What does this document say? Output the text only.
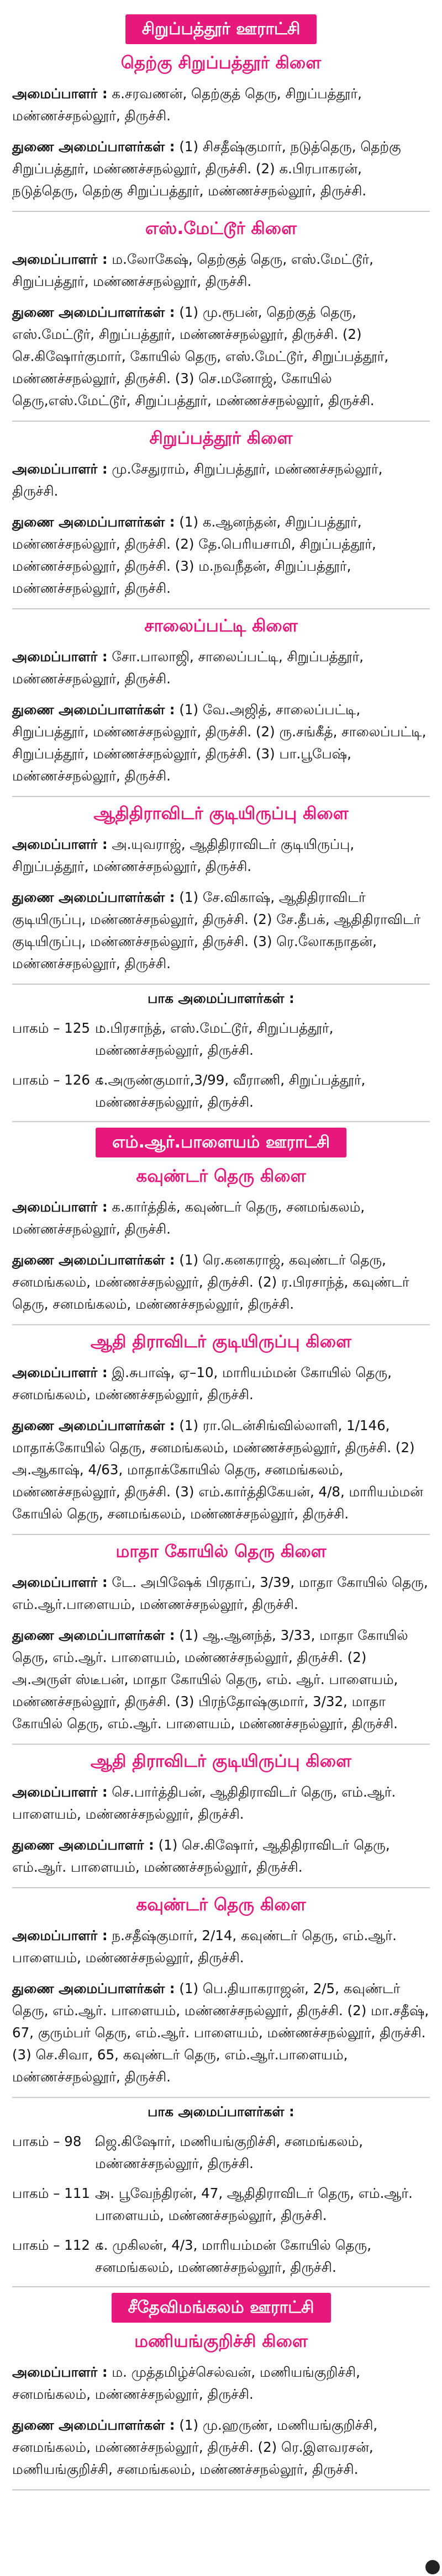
சிறுப்பத்தூர் ஊராட்சி
தெற்கு சிறுப்பத்தூர் கிளை
அமைப்பாளர் : க.சரவணன், தெற்குத் தெரு, சிறுப்பத்தூர், மண்ணச்சநல்லூர், திருச்சி.
துணை அமைப்பாளர்கள் : (1) சிசதீஷ்குமார், நடுத்தெரு, தெற்கு சிறுப்பத்தூர், மண்ணச்சநல்லூர், திருச்சி. (2) க.பிரபாகரன், நடுத்தெரு, தெற்கு சிறுப்பத்தூர், மண்ணச்சநல்லூர், திருச்சி.
எஸ்.மேட்டூர் கிளை
அமைப்பாளர் : ம.லோகேஷ், தெற்குத் தெரு, எஸ்.மேட்டூர், சிறுப்பத்தூர், மண்ணச்சநல்லூர், திருச்சி.
துணை அமைப்பாளர்கள் : (1) மு.ரூபன், தெற்குத் தெரு, எஸ்.மேட்டூர், சிறுப்பத்தூர், மண்ணச்சநல்லூர், திருச்சி. (2) செ.கிஷோர்குமார், கோயில் தெரு, எஸ்.மேட்டூர், சிறுப்பத்தூர், மண்ணச்சநல்லூர், திருச்சி. (3) செ.மனோஜ், கோயில் தெரு,எஸ்.மேட்டூர், சிறுப்பத்தூர், மண்ணச்சநல்லூர், திருச்சி.
சிறுப்பத்தூர் கிளை
அமைப்பாளர் : மு.சேதுராம், சிறுப்பத்தூர், மண்ணச்சநல்லூர், திருச்சி.
துணை அமைப்பாளர்கள் : (1) க.ஆனந்தன், சிறுப்பத்தூர், மண்ணச்சநல்லூர், திருச்சி. (2) தே.பெரியசாமி, சிறுப்பத்தூர், மண்ணச்சநல்லூர், திருச்சி. (3) ம.நவநீதன், சிறுப்பத்தூர், மண்ணச்சநல்லூர், திருச்சி.
சாலைப்பட்டி கிளை
அமைப்பாளர் : சோ.பாலாஜி, சாலைப்பட்டி, சிறுப்பத்தூர், மண்ணச்சநல்லூர், திருச்சி.
துணை அமைப்பாளர்கள் : (1) வே.அஜித், சாலைப்பட்டி, சிறுப்பத்தூர், மண்ணச்சநல்லூர், திருச்சி. (2) ரு.சங்கீத், சாலைப்பட்டி, சிறுப்பத்தூர், மண்ணச்சநல்லூர், திருச்சி. (3) பா.பூபேஷ், மண்ணச்சநல்லூர், திருச்சி.
ஆதிதிராவிடர் குடியிருப்பு கிளை
அமைப்பாளர் : அ.யுவராஜ், ஆதிதிராவிடர் குடியிருப்பு, சிறுப்பத்தூர், மண்ணச்சநல்லூர், திருச்சி.
துணை அமைப்பாளர்கள் : (1) சே.விகாஷ், ஆதிதிராவிடர் குடியிருப்பு, மண்ணச்சநல்லூர், திருச்சி. (2) சே.தீபக், ஆதிதிராவிடர் குடியிருப்பு, மண்ணச்சநல்லூர், திருச்சி. (3) ரெ.லோகநாதன், மண்ணச்சநல்லூர், திருச்சி.
பாக அமைப்பாளர்கள் :
பாகம் – 125  :
ம.பிரசாந்த், எஸ்.மேட்டூர், சிறுப்பத்தூர், மண்ணச்சநல்லூர், திருச்சி.
பாகம் – 126  :
க.அருண்குமார்,3/99, வீராணி, சிறுப்பத்தூர், மண்ணச்சநல்லூர், திருச்சி.
எம்.ஆர்.பாளையம் ஊராட்சி
கவுண்டர் தெரு கிளை
அமைப்பாளர் : க.கார்த்திக், கவுண்டர் தெரு, சனமங்கலம், மண்ணச்சநல்லூர், திருச்சி.
துணை அமைப்பாளர்கள் : (1) ரெ.கனகராஜ், கவுண்டர் தெரு, சனமங்கலம், மண்ணச்சநல்லூர், திருச்சி. (2) ர.பிரசாந்த், கவுண்டர் தெரு, சனமங்கலம், மண்ணச்சநல்லூர், திருச்சி.
ஆதி திராவிடர் குடியிருப்பு கிளை
அமைப்பாளர் : இ.சுபாஷ், ஏ–10, மாரியம்மன் கோயில் தெரு, சனமங்கலம், மண்ணச்சநல்லூர், திருச்சி.
துணை அமைப்பாளர்கள் : (1) ரா.டென்சிங்வில்லாளி, 1/146, மாதாக்கோயில் தெரு, சனமங்கலம், மண்ணச்சநல்லூர், திருச்சி. (2) அ.ஆகாஷ், 4/63, மாதாக்கோயில் தெரு, சனமங்கலம், மண்ணச்சநல்லூர், திருச்சி. (3) எம்.கார்த்திகேயன், 4/8, மாரியம்மன் கோயில் தெரு, சனமங்கலம், மண்ணச்சநல்லூர், திருச்சி.
மாதா கோயில் தெரு கிளை
அமைப்பாளர் : டே. அபிஷேக் பிரதாப், 3/39, மாதா கோயில் தெரு, எம்.ஆர்.பாளையம், மண்ணச்சநல்லூர், திருச்சி.
துணை அமைப்பாளர்கள் : (1) ஆ.ஆனந்த், 3/33, மாதா கோயில் தெரு, எம்.ஆர். பாளையம், மண்ணச்சநல்லூர், திருச்சி. (2) அ.அருள் ஸ்டீபன், மாதா கோயில் தெரு, எம். ஆர். பாளையம், மண்ணச்சநல்லூர், திருச்சி. (3) பிரந்தோஷ்குமார், 3/32, மாதா கோயில் தெரு, எம்.ஆர். பாளையம், மண்ணச்சநல்லூர், திருச்சி.
ஆதி திராவிடர் குடியிருப்பு கிளை
அமைப்பாளர் : செ.பார்த்திபன், ஆதிதிராவிடர் தெரு, எம்.ஆர். பாளையம், மண்ணச்சநல்லூர், திருச்சி.
துணை அமைப்பாளர் : (1) செ.கிஷோர், ஆதிதிராவிடர் தெரு, எம்.ஆர். பாளையம், மண்ணச்சநல்லூர், திருச்சி.
கவுண்டர் தெரு கிளை
அமைப்பாளர் : ந.சதீஷ்குமார், 2/14, கவுண்டர் தெரு, எம்.ஆர். பாளையம், மண்ணச்சநல்லூர், திருச்சி.
துணை அமைப்பாளர்கள் : (1) பெ.தியாகராஜன், 2/5, கவுண்டர் தெரு, எம்.ஆர். பாளையம், மண்ணச்சநல்லூர், திருச்சி. (2) மா.சதீஷ், 67, குரும்பர் தெரு, எம்.ஆர். பாளையம், மண்ணச்சநல்லூர், திருச்சி. (3) செ.சிவா, 65, கவுண்டர் தெரு, எம்.ஆர்.பாளையம், மண்ணச்சநல்லூர், திருச்சி.
பாக அமைப்பாளர்கள் :
பாகம் – 98   :
ஜெ.கிஷோர், மணியங்குறிச்சி, சனமங்கலம், மண்ணச்சநல்லூர், திருச்சி.
பாகம் – 111  :
அ. பூவேந்திரன், 47, ஆதிதிராவிடர் தெரு, எம்.ஆர். பாளையம், மண்ணச்சநல்லூர், திருச்சி.
பாகம் – 112  :
க. முகிலன், 4/3, மாரியம்மன் கோயில் தெரு, சனமங்கலம், மண்ணச்சநல்லூர், திருச்சி.
சீதேவிமங்கலம் ஊராட்சி
மணியங்குறிச்சி கிளை
அமைப்பாளர் : ம. முத்தமிழ்ச்செல்வன், மணியங்குறிச்சி, சனமங்கலம், மண்ணச்சநல்லூர், திருச்சி.
துணை அமைப்பாளர்கள் : (1) மு.ஹருண், மணியங்குறிச்சி, சனமங்கலம், மண்ணச்சநல்லூர், திருச்சி. (2) ரெ.இளவரசன், மணியங்குறிச்சி, சனமங்கலம், மண்ணச்சநல்லூர், திருச்சி.
